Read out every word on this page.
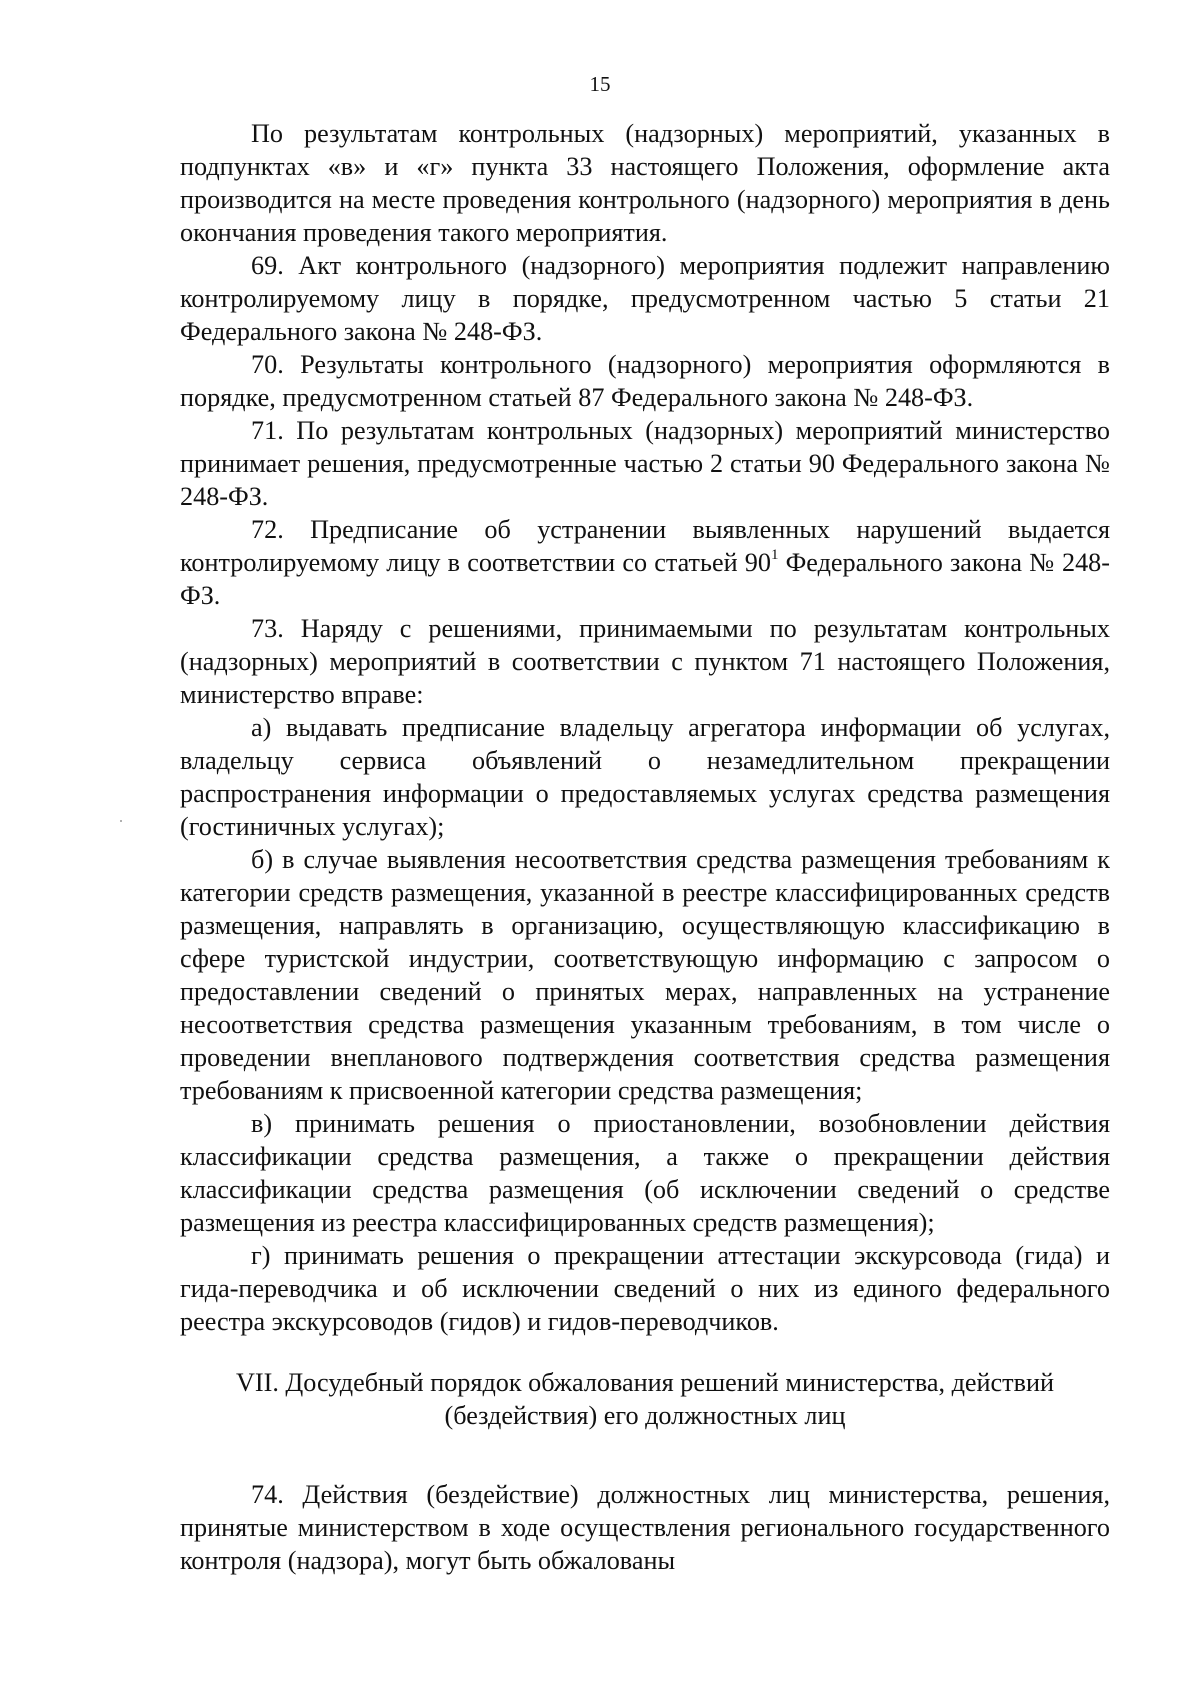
15

По результатам контрольных (надзорных) мероприятий, указанных в подпунктах «в» и «г» пункта 33 настоящего Положения, оформление акта производится на месте проведения контрольного (надзорного) мероприятия в день окончания проведения такого мероприятия.

69. Акт контрольного (надзорного) мероприятия подлежит направлению контролируемому лицу в порядке, предусмотренном частью 5 статьи 21 Федерального закона № 248-ФЗ.

70. Результаты контрольного (надзорного) мероприятия оформляются в порядке, предусмотренном статьей 87 Федерального закона № 248-ФЗ.

71. По результатам контрольных (надзорных) мероприятий министерство принимает решения, предусмотренные частью 2 статьи 90 Федерального закона № 248-ФЗ.

72. Предписание об устранении выявленных нарушений выдается контролируемому лицу в соответствии со статьей $90^1$ Федерального закона № 248-ФЗ.

73. Наряду с решениями, принимаемыми по результатам контрольных (надзорных) мероприятий в соответствии с пунктом 71 настоящего Положения, министерство вправе:

а) выдавать предписание владельцу агрегатора информации об услугах, владельцу сервиса объявлений о незамедлительном прекращении распространения информации о предоставляемых услугах средства размещения (гостиничных услугах);

б) в случае выявления несоответствия средства размещения требованиям к категории средств размещения, указанной в реестре классифицированных средств размещения, направлять в организацию, осуществляющую классификацию в сфере туристской индустрии, соответствующую информацию с запросом о предоставлении сведений о принятых мерах, направленных на устранение несоответствия средства размещения указанным требованиям, в том числе о проведении внепланового подтверждения соответствия средства размещения требованиям к присвоенной категории средства размещения;

в) принимать решения о приостановлении, возобновлении действия классификации средства размещения, а также о прекращении действия классификации средства размещения (об исключении сведений о средстве размещения из реестра классифицированных средств размещения);

г) принимать решения о прекращении аттестации экскурсовода (гида) и гида-переводчика и об исключении сведений о них из единого федерального реестра экскурсоводов (гидов) и гидов-переводчиков.

VII. Досудебный порядок обжалования решений министерства, действий
(бездействия) его должностных лиц

74. Действия (бездействие) должностных лиц министерства, решения, принятые министерством в ходе осуществления регионального государственного контроля (надзора), могут быть обжалованы
